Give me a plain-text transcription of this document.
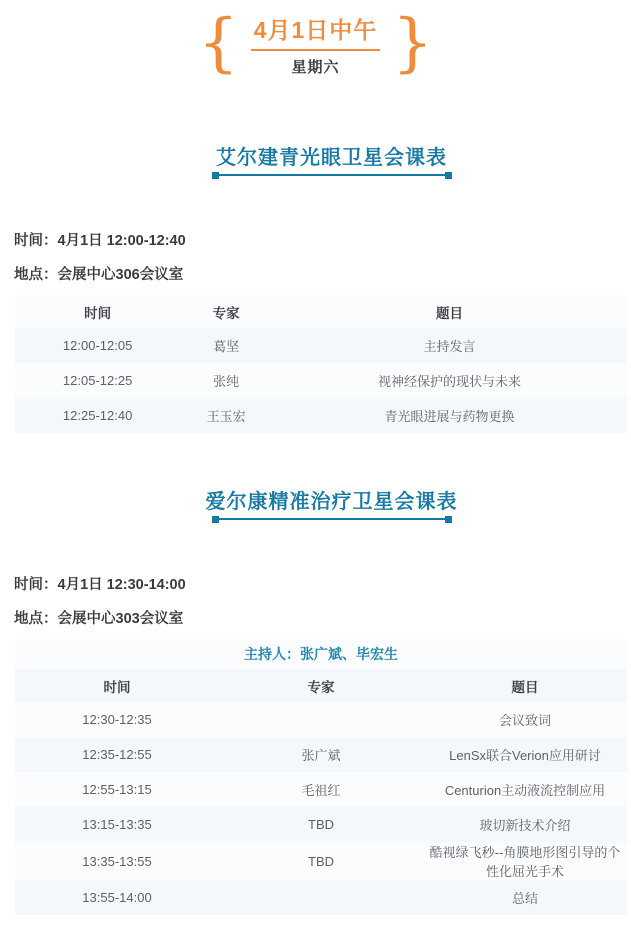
{ 4月1日中午
星期六 }
艾尔建青光眼卫星会课表

时间：4月1日 12:00-12:40

地点：会展中心306会议室

时间	专家	题目
12:00-12:05	葛坚	主持发言
12:05-12:25	张纯	视神经保护的现状与未来
12:25-12:40	王玉宏	青光眼进展与药物更换
爱尔康精准治疗卫星会课表

时间：4月1日 12:30-14:00

地点：会展中心303会议室

主持人：张广斌、毕宏生		
时间	专家	题目
12:30-12:35		会议致词
12:35-12:55	张广斌	LenSx联合Verion应用研讨
12:55-13:15	毛祖红	Centurion主动液流控制应用
13:15-13:35	TBD	玻切新技术介绍
13:35-13:55	TBD	酷视绿飞秒--角膜地形图引导的个性化屈光手术
13:55-14:00		总结
